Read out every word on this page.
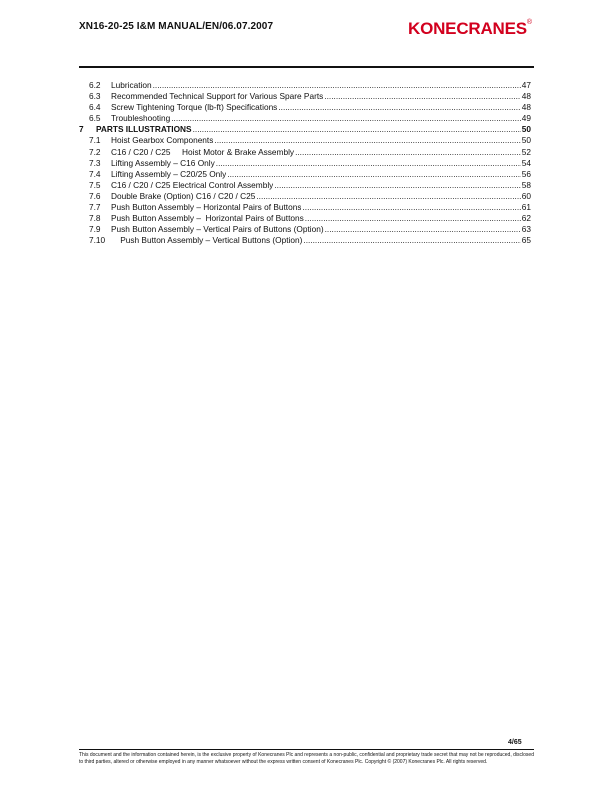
XN16-20-25 I&M MANUAL/EN/06.07.2007	KONECRANES®
6.2	Lubrication .....	47
6.3	Recommended Technical Support for Various Spare Parts .....	48
6.4	Screw Tightening Torque (lb-ft) Specifications .....	48
6.5	Troubleshooting .....	49
7	PARTS ILLUSTRATIONS .....	50
7.1	Hoist Gearbox Components .....	50
7.2	C16 / C20 / C25     Hoist Motor & Brake Assembly .....	52
7.3	Lifting Assembly – C16 Only .....	54
7.4	Lifting Assembly – C20/25 Only .....	56
7.5	C16 / C20 / C25 Electrical Control Assembly .....	58
7.6	Double Brake (Option) C16 / C20 / C25 .....	60
7.7	Push Button Assembly – Horizontal Pairs of Buttons .....	61
7.8	Push Button Assembly –  Horizontal Pairs of Buttons .....	62
7.9	Push Button Assembly – Vertical Pairs of Buttons (Option) .....	63
7.10 Push Button Assembly – Vertical Buttons (Option) .....	65
4/65
This document and the information contained herein, is the exclusive property of Konecranes Plc and represents a non-public, confidential and proprietary trade secret that may not be reproduced, disclosed to third parties, altered or otherwise employed in any manner whatsoever without the express written consent of Konecranes Plc. Copyright © (2007) Konecranes Plc. All rights reserved.
